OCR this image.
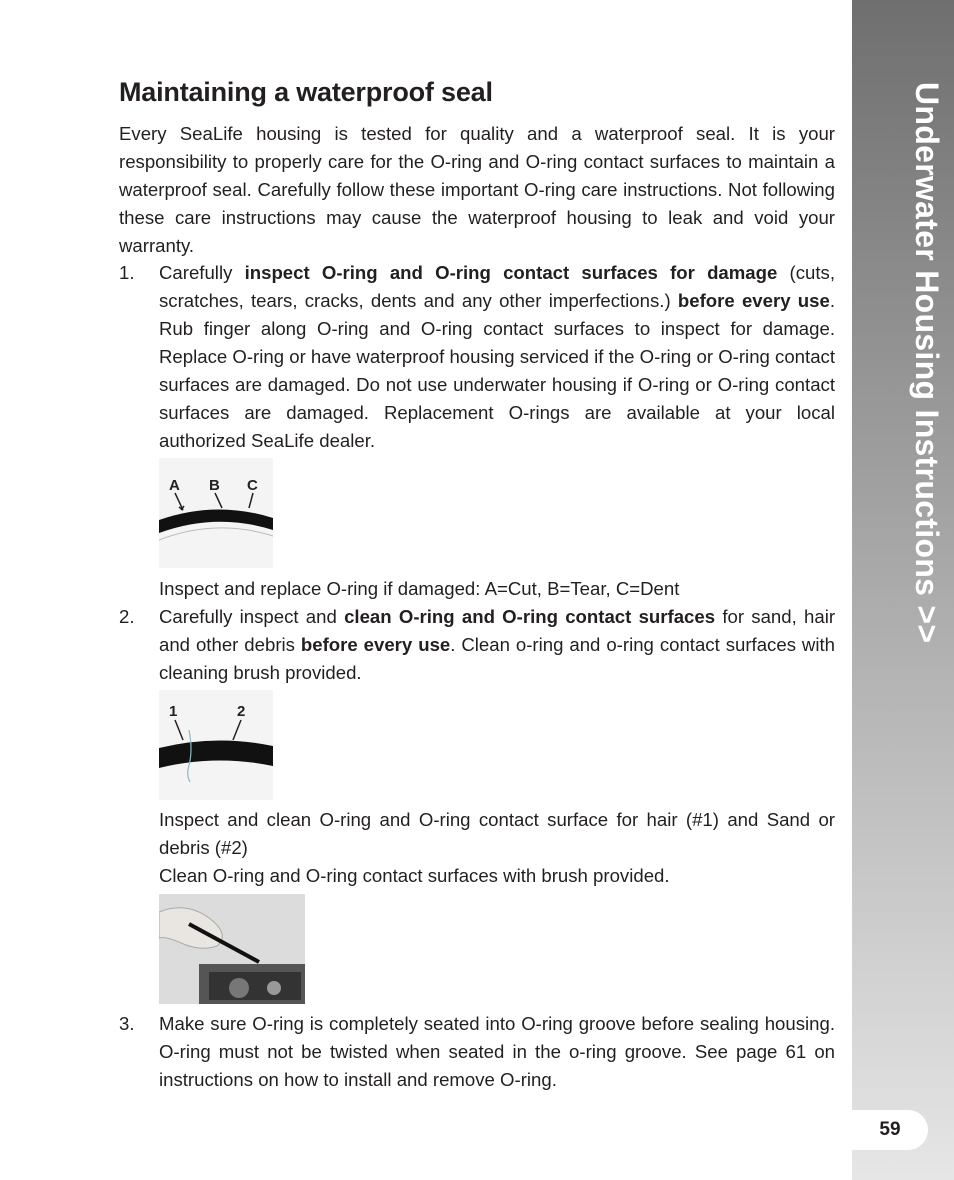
Maintaining a waterproof seal
Every SeaLife housing is tested for quality and a waterproof seal. It is your responsibility to properly care for the O-ring and O-ring contact surfaces to maintain a waterproof seal. Carefully follow these important O-ring care instructions. Not following these care instructions may cause the waterproof housing to leak and void your warranty.
1. Carefully inspect O-ring and O-ring contact surfaces for damage (cuts, scratches, tears, cracks, dents and any other imperfections.) before every use. Rub finger along O-ring and O-ring contact surfaces to inspect for damage. Replace O-ring or have waterproof housing serviced if the O-ring or O-ring contact surfaces are damaged. Do not use underwater housing if O-ring or O-ring contact surfaces are damaged. Replacement O-rings are available at your local authorized SeaLife dealer.
A B C
Inspect and replace O-ring if damaged: A=Cut, B=Tear, C=Dent
2. Carefully inspect and clean O-ring and O-ring contact surfaces for sand, hair and other debris before every use. Clean o-ring and o-ring contact surfaces with cleaning brush provided.
1	2
Inspect and clean O-ring and O-ring contact surface for hair (#1) and Sand or debris (#2)
Clean O-ring and O-ring contact surfaces with brush provided.
3. Make sure O-ring is completely seated into O-ring groove before sealing housing. O-ring must not be twisted when seated in the o-ring groove. See page 61 on instructions on how to install and remove O-ring.
Underwater Housing Instructions >>
59
